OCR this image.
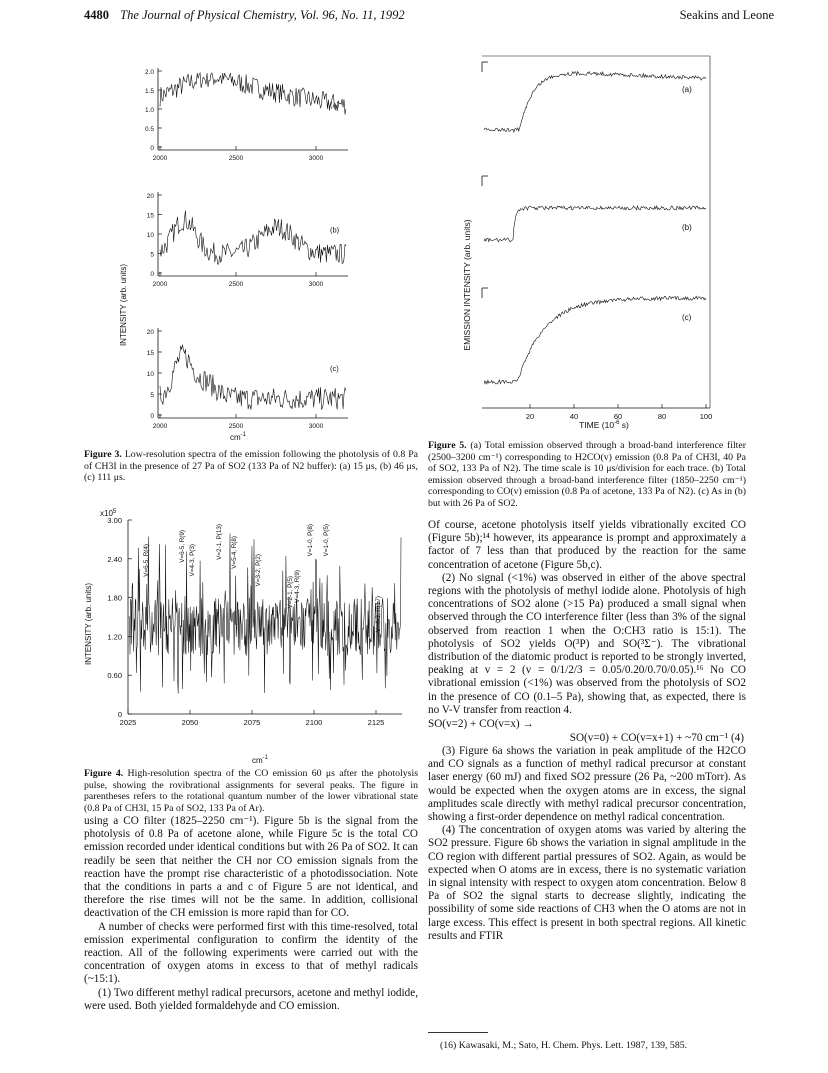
4480 The Journal of Physical Chemistry, Vol. 96, No. 11, 1992	Seakins and Leone
INTENSITY (arb. units)
2.0
1.5
1.0
0.5
0
2000	2500	3000
(a)
20
15
10
5
0
2000	2500	3000
(b)
20
15
10
5
0
2000	2500	3000
(c)
$cm^{-1}$
Figure 3. Low-resolution spectra of the emission following the photolysis of 0.8 Pa of CH3I in the presence of 27 Pa of SO2 (133 Pa of N2 buffer): (a) 15 μs, (b) 46 μs, (c) 111 μs.
$x10^5$
INTENSITY (arb. units)
3.00
2.40
1.80
1.20
0.60
0
2025	2050	2075	2100	2125
V=6-5, R(4)	V=6-5, R(9) V=4-3, P(3)
V=2-1, P(13) V=5-4, R(8)
V=3-2, P(2)
V=2-1, P(5) V=4-3, R(9)
V=1-0, P(8) V=1-0, P(5)
V=4-3, R(17)
$cm^{-1}$
Figure 4. High-resolution spectra of the CO emission 60 μs after the photolysis pulse, showing the rovibrational assignments for several peaks. The figure in parentheses refers to the rotational quantum number of the lower vibrational state (0.8 Pa of CH3I, 15 Pa of SO2, 133 Pa of Ar).

using a CO filter (1825–2250 cm⁻¹). Figure 5b is the signal from the photolysis of 0.8 Pa of acetone alone, while Figure 5c is the total CO emission recorded under identical conditions but with 26 Pa of SO2. It can readily be seen that neither the CH nor CO emission signals from the reaction have the prompt rise characteristic of a photodissociation. Note that the conditions in parts a and c of Figure 5 are not identical, and therefore the rise times will not be the same. In addition, collisional deactivation of the CH emission is more rapid than for CO.

A number of checks were performed first with this time-resolved, total emission experimental configuration to confirm the identity of the reaction. All of the following experiments were carried out with the concentration of oxygen atoms in excess to that of methyl radicals (~15:1).

(1) Two different methyl radical precursors, acetone and methyl iodide, were used. Both yielded formaldehyde and CO emission.

EMISSION INTENSITY (arb. units)
20	40	60	80	100
(a)
(b)
(c)
TIME ($10^{-6}$ s)
Figure 5. (a) Total emission observed through a broad-band interference filter (2500–3200 cm⁻¹) corresponding to H2CO(v) emission (0.8 Pa of CH3I, 40 Pa of SO2, 133 Pa of N2). The time scale is 10 μs/division for each trace. (b) Total emission observed through a broad-band interference filter (1850–2250 cm⁻¹) corresponding to CO(v) emission (0.8 Pa of acetone, 133 Pa of N2). (c) As in (b) but with 26 Pa of SO2.

Of course, acetone photolysis itself yields vibrationally excited CO (Figure 5b);¹⁴ however, its appearance is prompt and approximately a factor of 7 less than that produced by the reaction for the same concentration of acetone (Figure 5b,c).

(2) No signal (<1%) was observed in either of the above spectral regions with the photolysis of methyl iodide alone. Photolysis of high concentrations of SO2 alone (>15 Pa) produced a small signal when observed through the CO interference filter (less than 3% of the signal observed from reaction 1 when the O:CH3 ratio is 15:1). The photolysis of SO2 yields O(³P) and SO(³Σ⁻). The vibrational distribution of the diatomic product is reported to be strongly inverted, peaking at v = 2 (v = 0/1/2/3 = 0.05/0.20/0.70/0.05).¹⁶ No CO vibrational emission (<1%) was observed from the photolysis of SO2 in the presence of CO (0.1–5 Pa), showing that, as expected, there is no V-V transfer from reaction 4.

SO(v=2) + CO(v=x) →
SO(v=0) + CO(v=x+1) + ~70 cm⁻¹ (4)

(3) Figure 6a shows the variation in peak amplitude of the H2CO and CO signals as a function of methyl radical precursor at constant laser energy (60 mJ) and fixed SO2 pressure (26 Pa, ~200 mTorr). As would be expected when the oxygen atoms are in excess, the signal amplitudes scale directly with methyl radical precursor concentration, showing a first-order dependence on methyl radical concentration.

(4) The concentration of oxygen atoms was varied by altering the SO2 pressure. Figure 6b shows the variation in signal amplitude in the CO region with different partial pressures of SO2. Again, as would be expected when O atoms are in excess, there is no systematic variation in signal intensity with respect to oxygen atom concentration. Below 8 Pa of SO2 the signal starts to decrease slightly, indicating the possibility of some side reactions of CH3 when the O atoms are not in large excess. This effect is present in both spectral regions. All kinetic results and FTIR

(16) Kawasaki, M.; Sato, H. Chem. Phys. Lett. 1987, 139, 585.
